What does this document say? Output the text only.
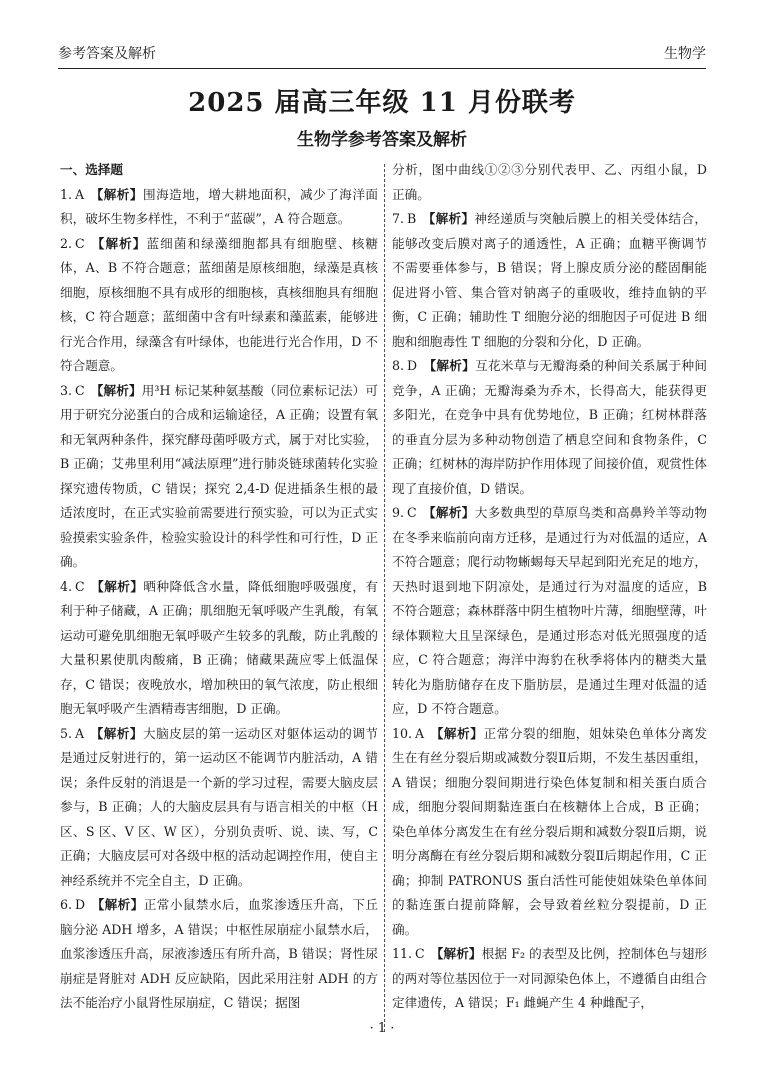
参考答案及解析	生物学
2025 届高三年级 11 月份联考
生物学参考答案及解析
一、选择题
1. A 【解析】围海造地，增大耕地面积，减少了海洋面积，破坏生物多样性，不利于“蓝碳”，A 符合题意。
2. C 【解析】蓝细菌和绿藻细胞都具有细胞壁、核糖体，A、B 不符合题意；蓝细菌是原核细胞，绿藻是真核细胞，原核细胞不具有成形的细胞核，真核细胞具有细胞核，C 符合题意；蓝细菌中含有叶绿素和藻蓝素，能够进行光合作用，绿藻含有叶绿体，也能进行光合作用，D 不符合题意。
3. C 【解析】用³H 标记某种氨基酸（同位素标记法）可用于研究分泌蛋白的合成和运输途径，A 正确；设置有氧和无氧两种条件，探究酵母菌呼吸方式，属于对比实验，B 正确；艾弗里利用“减法原理”进行肺炎链球菌转化实验探究遗传物质，C 错误；探究 2,4-D 促进插条生根的最适浓度时，在正式实验前需要进行预实验，可以为正式实验摸索实验条件，检验实验设计的科学性和可行性，D 正确。
4. C 【解析】晒种降低含水量，降低细胞呼吸强度，有利于种子储藏，A 正确；肌细胞无氧呼吸产生乳酸，有氧运动可避免肌细胞无氧呼吸产生较多的乳酸，防止乳酸的大量积累使肌肉酸痛，B 正确；储藏果蔬应零上低温保存，C 错误；夜晚放水，增加秧田的氧气浓度，防止根细胞无氧呼吸产生酒精毒害细胞，D 正确。
5. A 【解析】大脑皮层的第一运动区对躯体运动的调节是通过反射进行的，第一运动区不能调节内脏活动，A 错误；条件反射的消退是一个新的学习过程，需要大脑皮层参与，B 正确；人的大脑皮层具有与语言相关的中枢（H 区、S 区、V 区、W 区），分别负责听、说、读、写，C 正确；大脑皮层可对各级中枢的活动起调控作用，使自主神经系统并不完全自主，D 正确。
6. D 【解析】正常小鼠禁水后，血浆渗透压升高，下丘脑分泌 ADH 增多，A 错误；中枢性尿崩症小鼠禁水后，血浆渗透压升高，尿液渗透压有所升高，B 错误；肾性尿崩症是肾脏对 ADH 反应缺陷，因此采用注射 ADH 的方法不能治疗小鼠肾性尿崩症，C 错误；据图
分析，图中曲线①②③分别代表甲、乙、丙组小鼠，D 正确。
7. B 【解析】神经递质与突触后膜上的相关受体结合，能够改变后膜对离子的通透性，A 正确；血糖平衡调节不需要垂体参与，B 错误；肾上腺皮质分泌的醛固酮能促进肾小管、集合管对钠离子的重吸收，维持血钠的平衡，C 正确；辅助性 T 细胞分泌的细胞因子可促进 B 细胞和细胞毒性 T 细胞的分裂和分化，D 正确。
8. D 【解析】互花米草与无瓣海桑的种间关系属于种间竞争，A 正确；无瓣海桑为乔木，长得高大，能获得更多阳光，在竞争中具有优势地位，B 正确；红树林群落的垂直分层为多种动物创造了栖息空间和食物条件，C 正确；红树林的海岸防护作用体现了间接价值，观赏性体现了直接价值，D 错误。
9. C 【解析】大多数典型的草原鸟类和高鼻羚羊等动物在冬季来临前向南方迁移，是通过行为对低温的适应，A 不符合题意；爬行动物蜥蜴每天早起到阳光充足的地方，天热时退到地下阴凉处，是通过行为对温度的适应，B 不符合题意；森林群落中阴生植物叶片薄，细胞壁薄，叶绿体颗粒大且呈深绿色，是通过形态对低光照强度的适应，C 符合题意；海洋中海豹在秋季将体内的糖类大量转化为脂肪储存在皮下脂肪层，是通过生理对低温的适应，D 不符合题意。
10. A 【解析】正常分裂的细胞，姐妹染色单体分离发生在有丝分裂后期或减数分裂Ⅱ后期，不发生基因重组，A 错误；细胞分裂间期进行染色体复制和相关蛋白质合成，细胞分裂间期黏连蛋白在核糖体上合成，B 正确；染色单体分离发生在有丝分裂后期和减数分裂Ⅱ后期，说明分离酶在有丝分裂后期和减数分裂Ⅱ后期起作用，C 正确；抑制 PATRONUS 蛋白活性可能使姐妹染色单体间的黏连蛋白提前降解，会导致着丝粒分裂提前，D 正确。
11. C 【解析】根据 F₂ 的表型及比例，控制体色与翅形的两对等位基因位于一对同源染色体上，不遵循自由组合定律遗传，A 错误；F₁ 雌蝇产生 4 种雌配子，
· 1 ·
